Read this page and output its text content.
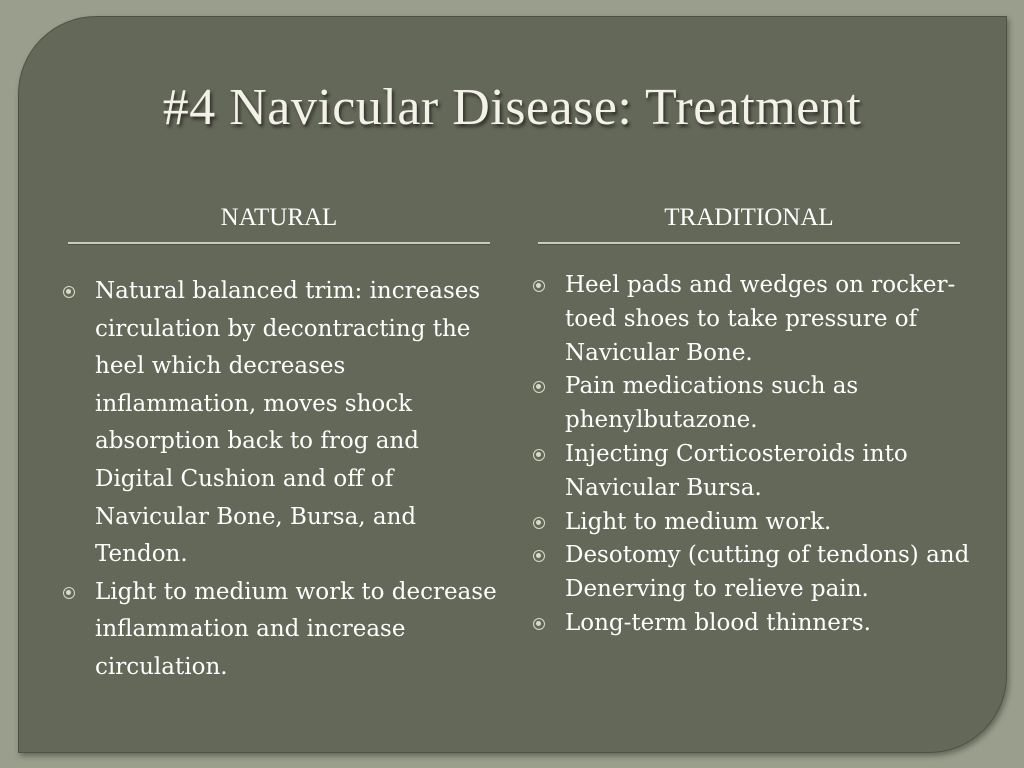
#4 Navicular Disease: Treatment
NATURAL	TRADITIONAL
Natural balanced trim: increases circulation by decontracting the heel which decreases inflammation, moves shock absorption back to frog and Digital Cushion and off of Navicular Bone, Bursa, and Tendon.
Light to medium work to decrease inflammation and increase circulation.
Heel pads and wedges on rocker-toed shoes to take pressure of Navicular Bone.
Pain medications such as phenylbutazone.
Injecting Corticosteroids into Navicular Bursa.
Light to medium work.
Desotomy (cutting of tendons) and Denerving to relieve pain.
Long-term blood thinners.
